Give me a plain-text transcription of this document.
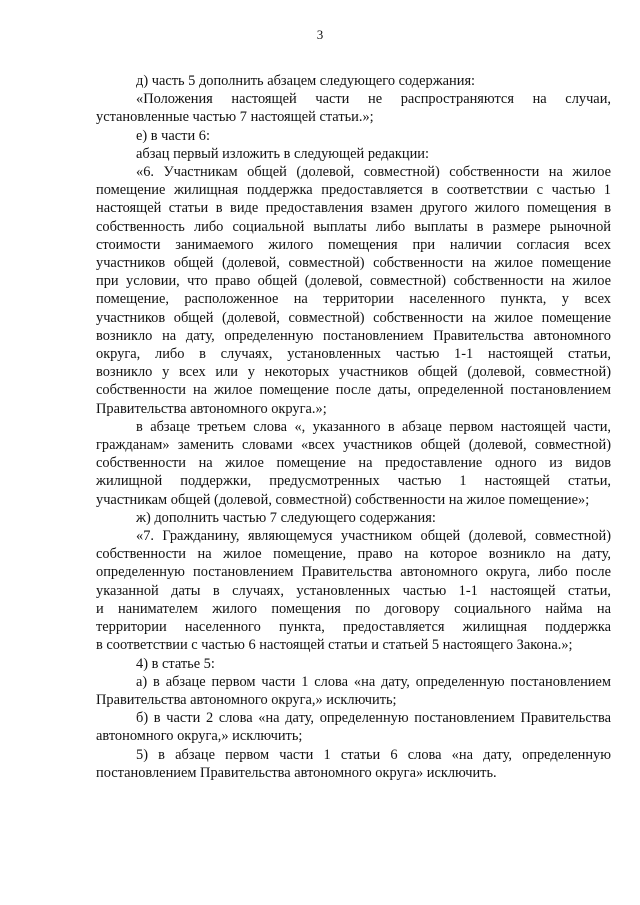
3
д) часть 5 дополнить абзацем следующего содержания:
«Положения настоящей части не распространяются на случаи,
установленные частью 7 настоящей статьи.»;
е) в части 6:
абзац первый изложить в следующей редакции:
«6. Участникам общей (долевой, совместной) собственности на жилое
помещение жилищная поддержка предоставляется в соответствии с частью 1
настоящей статьи в виде предоставления взамен другого жилого помещения в
собственность либо социальной выплаты либо выплаты в размере рыночной
стоимости занимаемого жилого помещения при наличии согласия всех
участников общей (долевой, совместной) собственности на жилое помещение
при условии, что право общей (долевой, совместной) собственности на жилое
помещение, расположенное на территории населенного пункта, у всех
участников общей (долевой, совместной) собственности на жилое помещение
возникло на дату, определенную постановлением Правительства автономного
округа, либо в случаях, установленных частью 1-1 настоящей статьи,
возникло у всех или у некоторых участников общей (долевой, совместной)
собственности на жилое помещение после даты, определенной постановлением
Правительства автономного округа.»;
в абзаце третьем слова «, указанного в абзаце первом настоящей части,
гражданам» заменить словами «всех участников общей (долевой, совместной)
собственности на жилое помещение на предоставление одного из видов
жилищной поддержки, предусмотренных частью 1 настоящей статьи,
участникам общей (долевой, совместной) собственности на жилое помещение»;
ж) дополнить частью 7 следующего содержания:
«7. Гражданину, являющемуся участником общей (долевой, совместной)
собственности на жилое помещение, право на которое возникло на дату,
определенную постановлением Правительства автономного округа, либо после
указанной даты в случаях, установленных частью 1-1 настоящей статьи,
и нанимателем жилого помещения по договору социального найма на
территории населенного пункта, предоставляется жилищная поддержка
в соответствии с частью 6 настоящей статьи и статьей 5 настоящего Закона.»;
4) в статье 5:
а) в абзаце первом части 1 слова «на дату, определенную постановлением
Правительства автономного округа,» исключить;
б) в части 2 слова «на дату, определенную постановлением Правительства
автономного округа,» исключить;
5) в абзаце первом части 1 статьи 6 слова «на дату, определенную
постановлением Правительства автономного округа» исключить.
